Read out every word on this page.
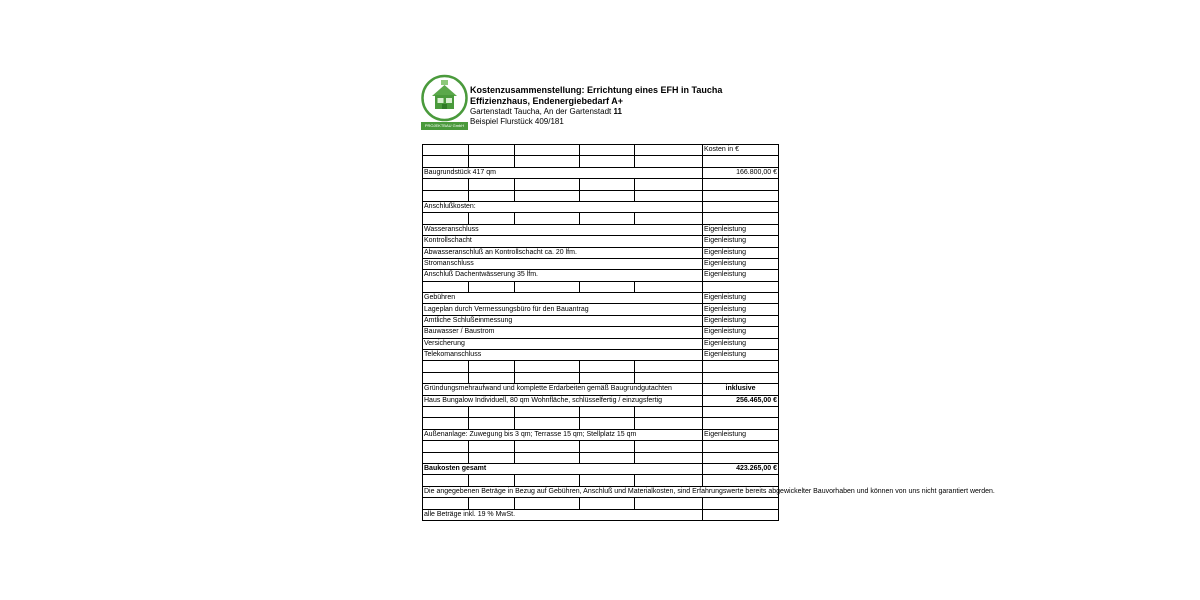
PROJEKTBAU GmbH
Kostenzusammenstellung: Errichtung eines EFH in Taucha
Effizienzhaus, Endenergiebedarf A+
Gartenstadt Taucha, An der Gartenstadt 11
Beispiel Flurstück 409/181
					Kosten in €

Baugrundstück 417 qm					166.800,00 €

Anschlußkosten:					

Wasseranschluss					Eigenleistung
Kontrollschacht					Eigenleistung
Abwasseranschluß an Kontrollschacht ca. 20 lfm.					Eigenleistung
Stromanschluss					Eigenleistung
Anschluß Dachentwässerung 35 lfm.					Eigenleistung

Gebühren					Eigenleistung
Lageplan durch Vermessungsbüro für den Bauantrag					Eigenleistung
Amtliche Schlußeinmessung					Eigenleistung
Bauwasser / Baustrom					Eigenleistung
Versicherung					Eigenleistung
Telekomanschluss					Eigenleistung

Gründungsmehraufwand und komplette Erdarbeiten gemäß Baugrundgutachten					inklusive
Haus Bungalow Individuell, 80 qm Wohnfläche, schlüsselfertig / einzugsfertig					256.465,00 €

Außenanlage: Zuwegung bis 3 qm; Terrasse 15 qm; Stellplatz 15 qm					Eigenleistung

Baukosten gesamt					423.265,00 €

Die angegebenen Beträge in Bezug auf Gebühren, Anschluß und Materialkosten, sind Erfahrungswerte bereits abgewickelter Bauvorhaben und können von uns nicht garantiert werden.					

alle Beträge inkl. 19 % MwSt.					
